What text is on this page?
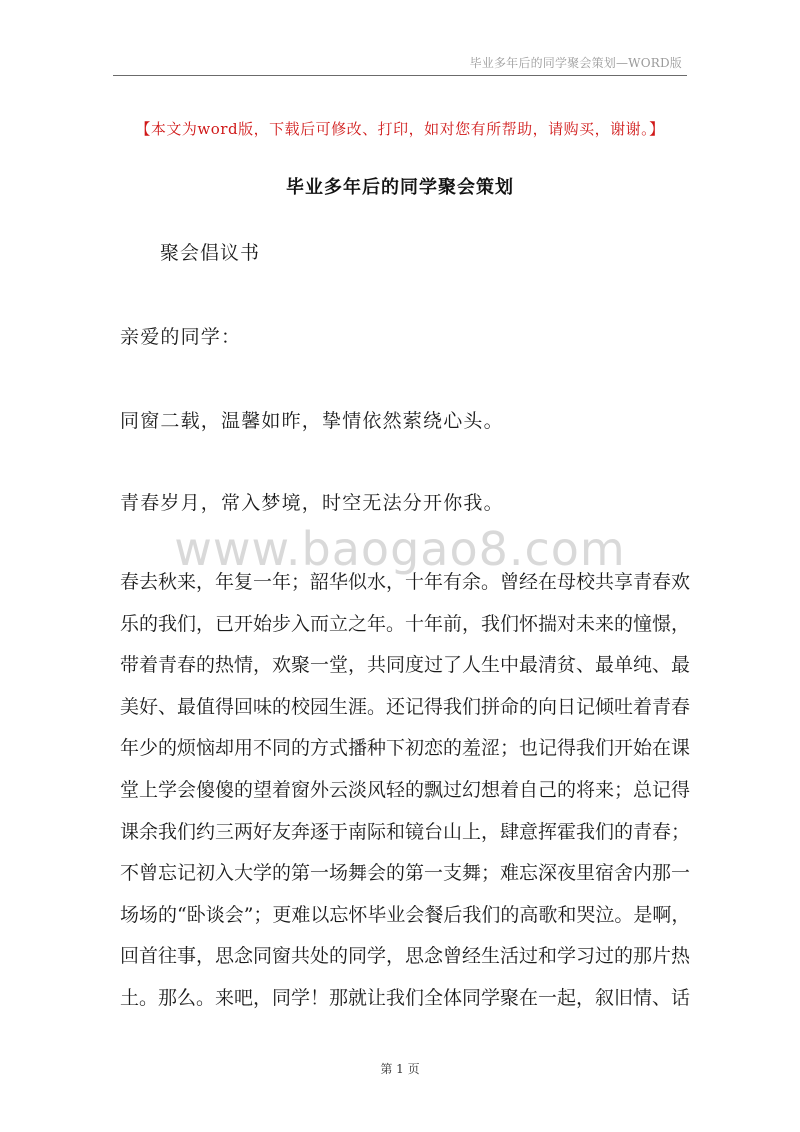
毕业多年后的同学聚会策划—WORD版
【本文为word版，下载后可修改、打印，如对您有所帮助，请购买，谢谢。】
毕业多年后的同学聚会策划
聚会倡议书
亲爱的同学：
同窗二载，温馨如昨，挚情依然萦绕心头。
青春岁月，常入梦境，时空无法分开你我。
www.baogao8.com
春去秋来，年复一年；韶华似水，十年有余。曾经在母校共享青春欢
乐的我们，已开始步入而立之年。十年前，我们怀揣对未来的憧憬，
带着青春的热情，欢聚一堂，共同度过了人生中最清贫、最单纯、最
美好、最值得回味的校园生涯。还记得我们拼命的向日记倾吐着青春
年少的烦恼却用不同的方式播种下初恋的羞涩；也记得我们开始在课
堂上学会傻傻的望着窗外云淡风轻的飘过幻想着自己的将来；总记得
课余我们约三两好友奔逐于南际和镜台山上，肆意挥霍我们的青春；
不曾忘记初入大学的第一场舞会的第一支舞；难忘深夜里宿舍内那一
场场的“卧谈会”；更难以忘怀毕业会餐后我们的高歌和哭泣。是啊，
回首往事，思念同窗共处的同学，思念曾经生活过和学习过的那片热
土。那么。来吧，同学！那就让我们全体同学聚在一起，叙旧情、话
第 1 页
